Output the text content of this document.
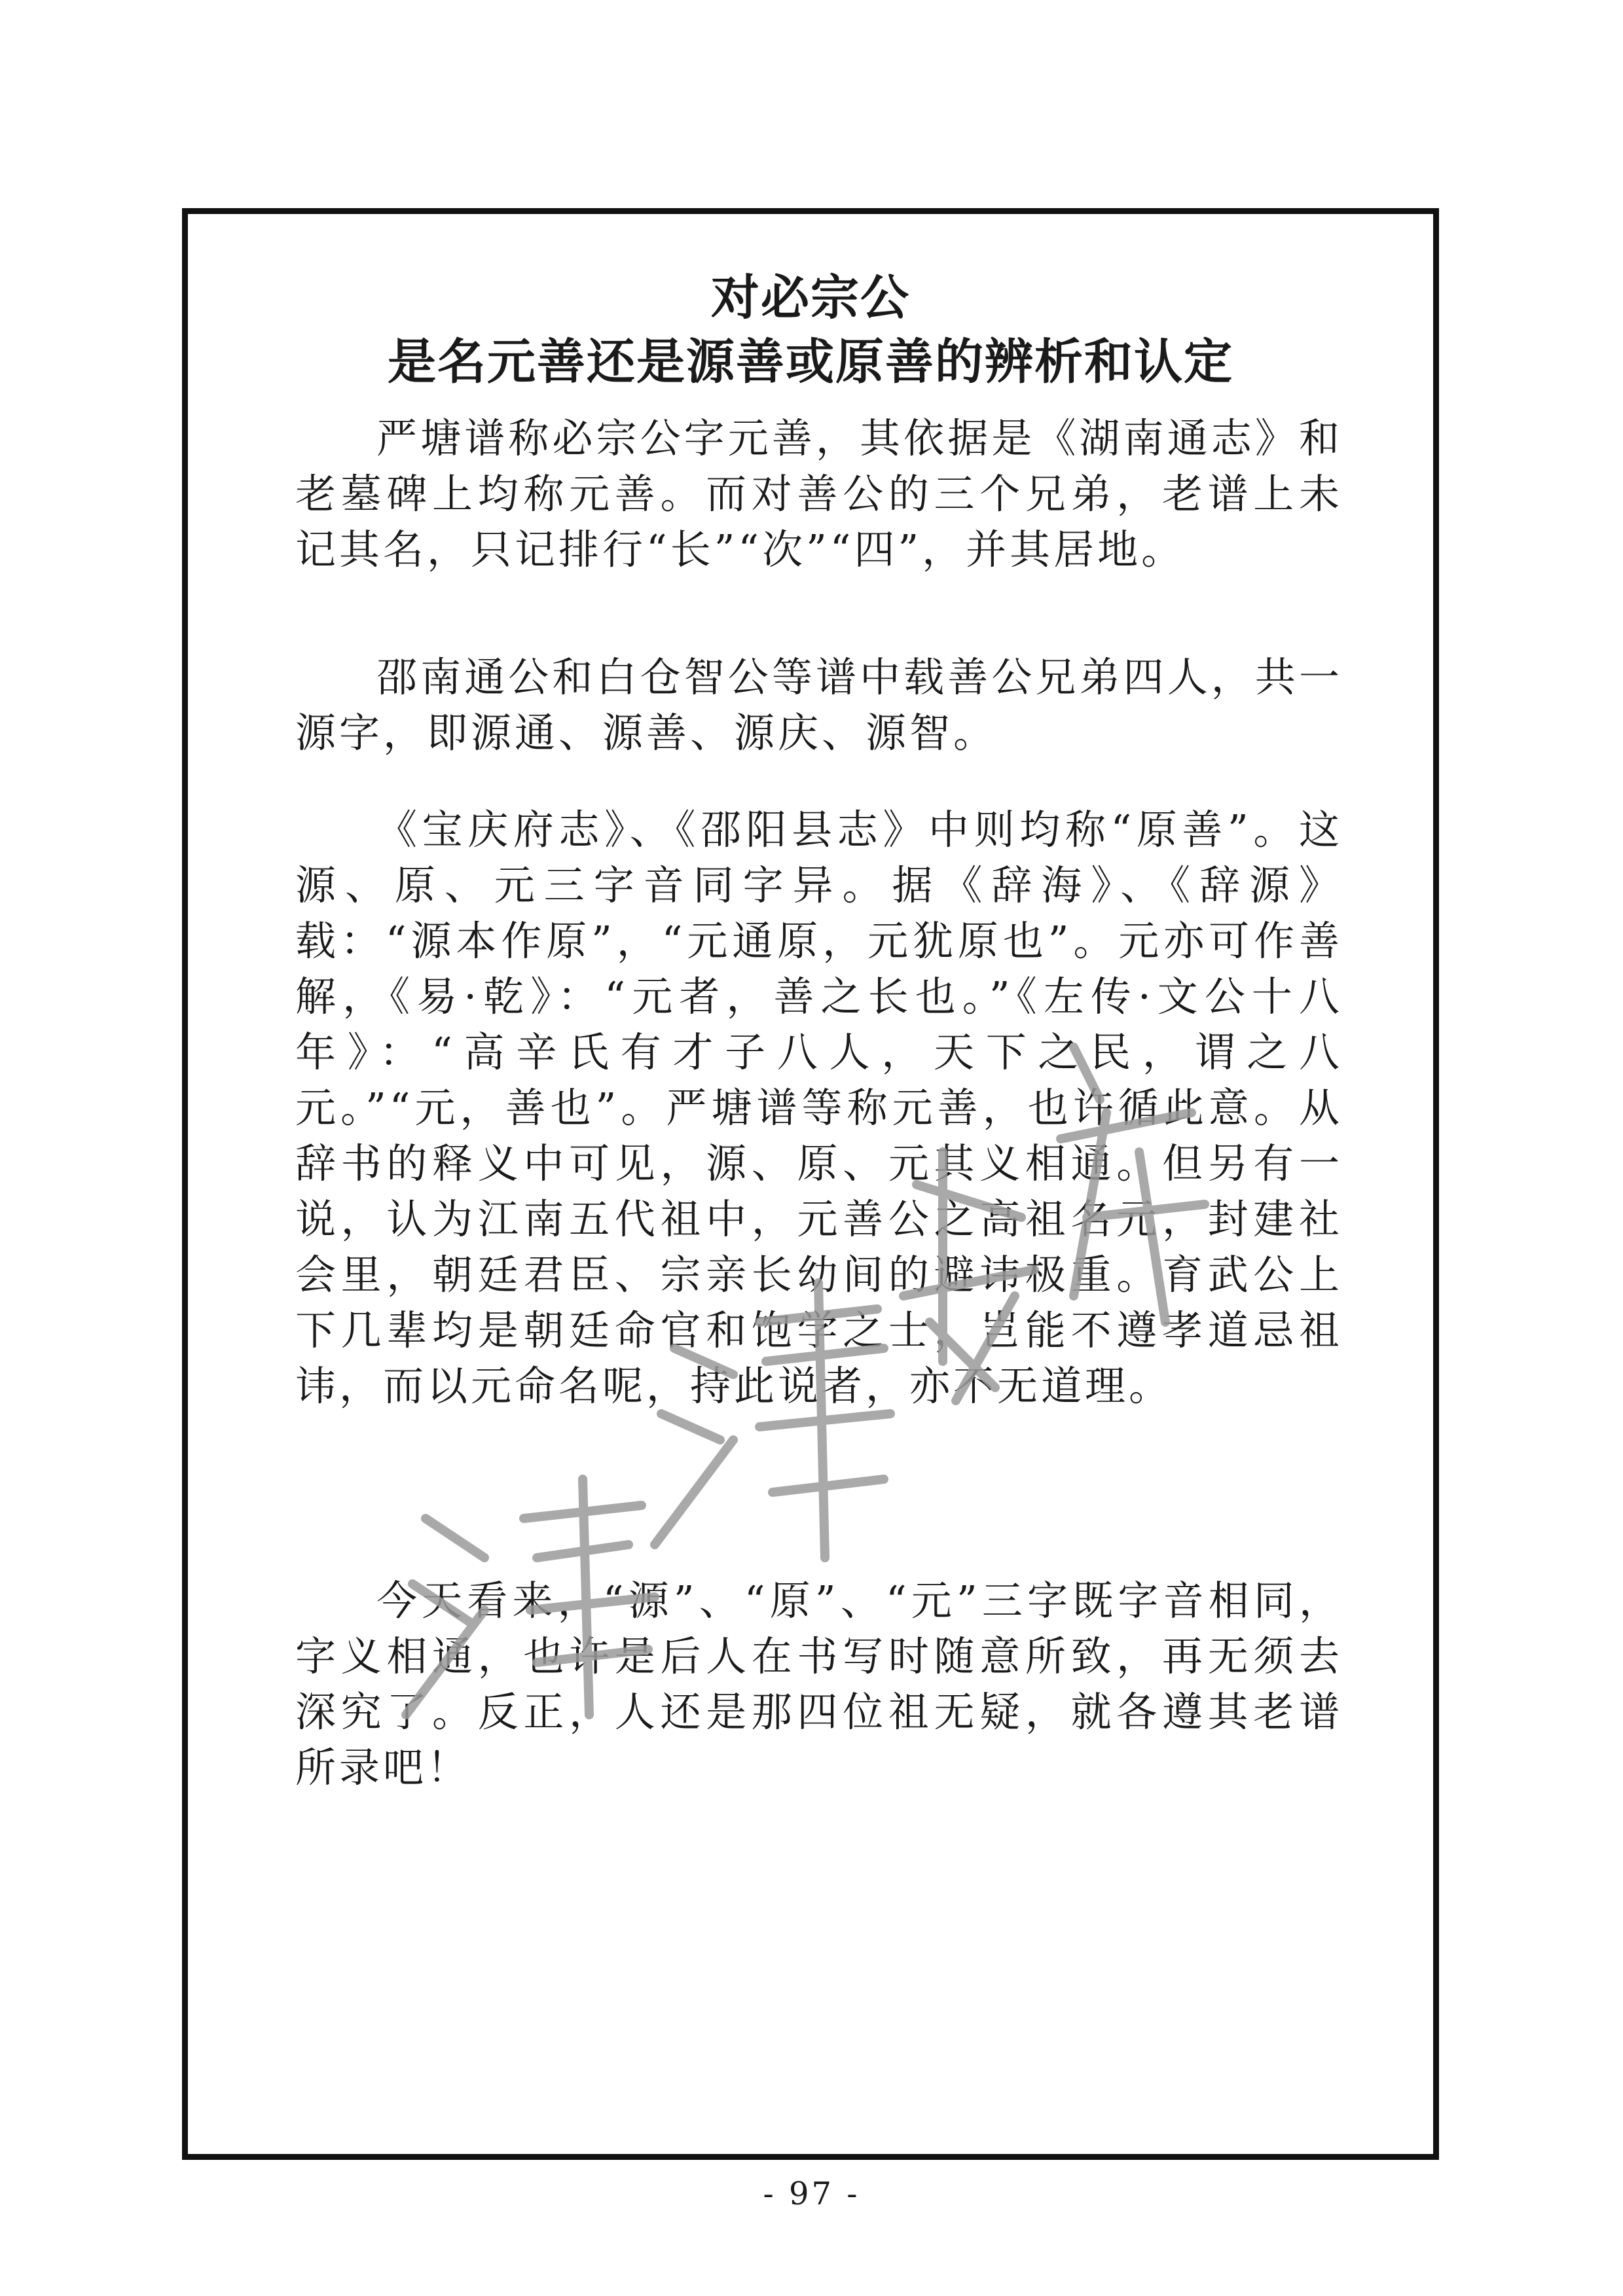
对必宗公
是名元善还是源善或原善的辨析和认定

严塘谱称必宗公字元善，其依据是《湖南通志》和老墓碑上均称元善。而对善公的三个兄弟，老谱上未记其名，只记排行“长”“次”“四”，并其居地。

邵南通公和白仓智公等谱中载善公兄弟四人，共一源字，即源通、源善、源庆、源智。

《宝庆府志》、《邵阳县志》中则均称“原善”。这源、原、元三字音同字异。据《辞海》、《辞源》载：“源本作原”，“元通原，元犹原也”。元亦可作善解，《易·乾》：“元者，善之长也。”《左传·文公十八年》：“高辛氏有才子八人，天下之民，谓之八元。”“元，善也”。严塘谱等称元善，也许循此意。从辞书的释义中可见，源、原、元其义相通。但另有一说，认为江南五代祖中，元善公之高祖名元，封建社会里，朝廷君臣、宗亲长幼间的避讳极重。育武公上下几辈均是朝廷命官和饱学之士，岂能不遵孝道忌祖讳，而以元命名呢，持此说者，亦不无道理。

今天看来，“源”、“原”、“元”三字既字音相同，字义相通，也许是后人在书写时随意所致，再无须去深究了。反正，人还是那四位祖无疑，就各遵其老谱所录吧！

- 97 -
